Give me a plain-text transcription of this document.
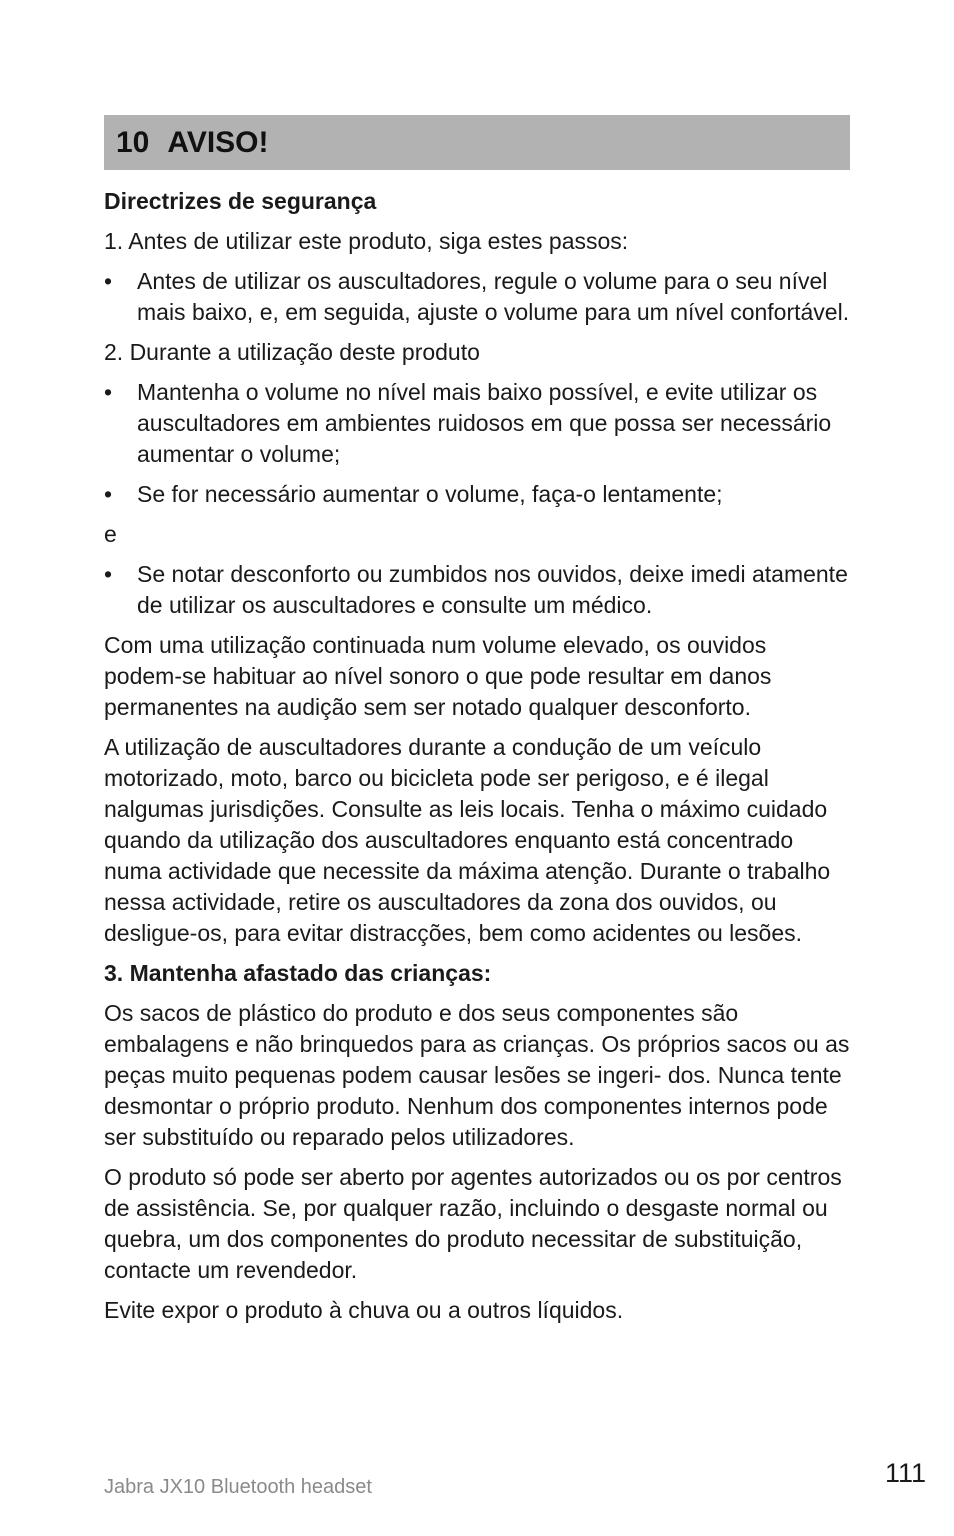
10 AVISO!

Directrizes de segurança

1. Antes de utilizar este produto, siga estes passos:

• Antes de utilizar os auscultadores, regule o volume para o seu nível mais baixo, e, em seguida, ajuste o volume para um nível confortável.

2. Durante a utilização deste produto

• Mantenha o volume no nível mais baixo possível, e evite utilizar os auscultadores em ambientes ruidosos em que possa ser necessário aumentar o volume;
• Se for necessário aumentar o volume, faça-o lentamente;

e

• Se notar desconforto ou zumbidos nos ouvidos, deixe imedi atamente de utilizar os auscultadores e consulte um médico.

Com uma utilização continuada num volume elevado, os ouvidos podem-se habituar ao nível sonoro o que pode resultar em danos permanentes na audição sem ser notado qualquer desconforto.

A utilização de auscultadores durante a condução de um veículo motorizado, moto, barco ou bicicleta pode ser perigoso, e é ilegal nalgumas jurisdições. Consulte as leis locais. Tenha o máximo cuidado quando da utilização dos auscultadores enquanto está concentrado numa actividade que necessite da máxima atenção. Durante o trabalho nessa actividade, retire os auscultadores da zona dos ouvidos, ou desligue-os, para evitar distracções, bem como acidentes ou lesões.

3. Mantenha afastado das crianças:

Os sacos de plástico do produto e dos seus componentes são embalagens e não brinquedos para as crianças. Os próprios sacos ou as peças muito pequenas podem causar lesões se ingeri- dos. Nunca tente desmontar o próprio produto. Nenhum dos componentes internos pode ser substituído ou reparado pelos utilizadores.

O produto só pode ser aberto por agentes autorizados ou os por centros de assistência. Se, por qualquer razão, incluindo o desgaste normal ou quebra, um dos componentes do produto necessitar de substituição, contacte um revendedor.

Evite expor o produto à chuva ou a outros líquidos.

Jabra JX10 Bluetooth headset	111
